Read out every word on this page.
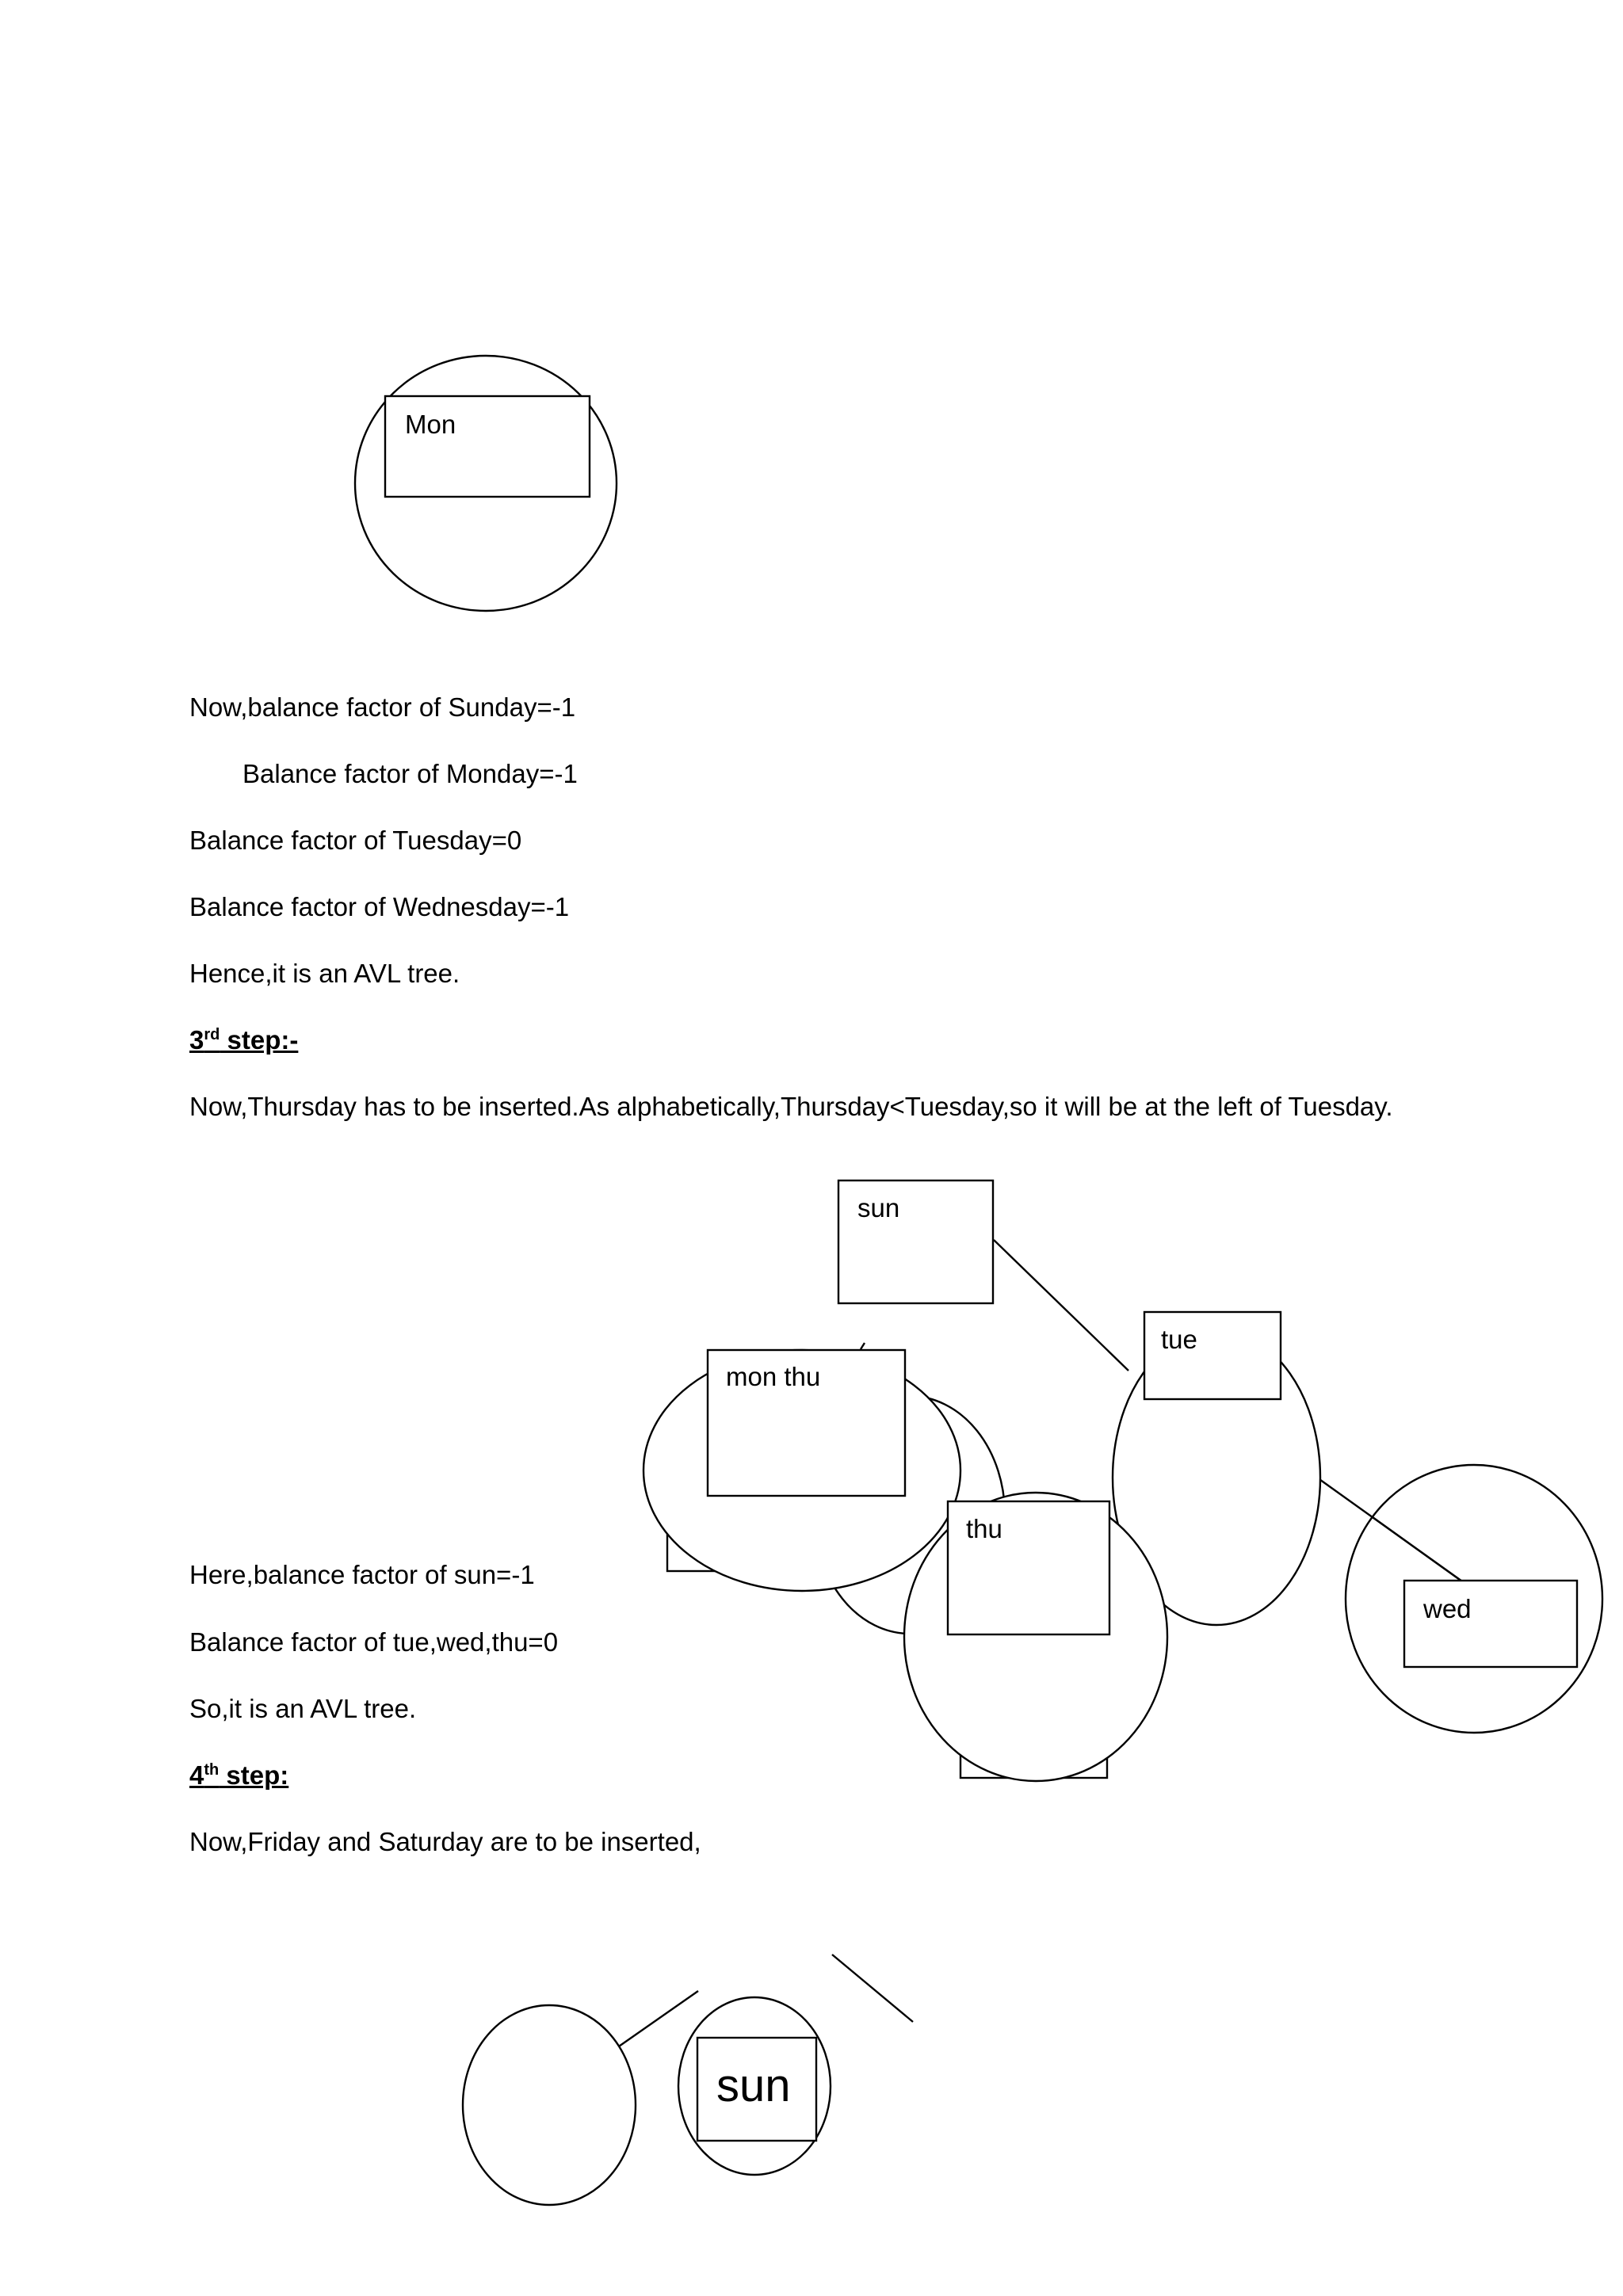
Mon
Now,balance factor of Sunday=-1
Balance factor of Monday=-1
Balance factor of Tuesday=0
Balance factor of Wednesday=-1
Hence,it is an AVL tree.
3rd step:-
Now,Thursday has to be inserted.As alphabetically,Thursday<Tuesday,so it will be at the left of Tuesday.
sun
tue
mon thu
thu
wed
Here,balance factor of sun=-1
Balance factor of tue,wed,thu=0
So,it is an AVL tree.
4th step:
Now,Friday and Saturday are to be inserted,
sun
